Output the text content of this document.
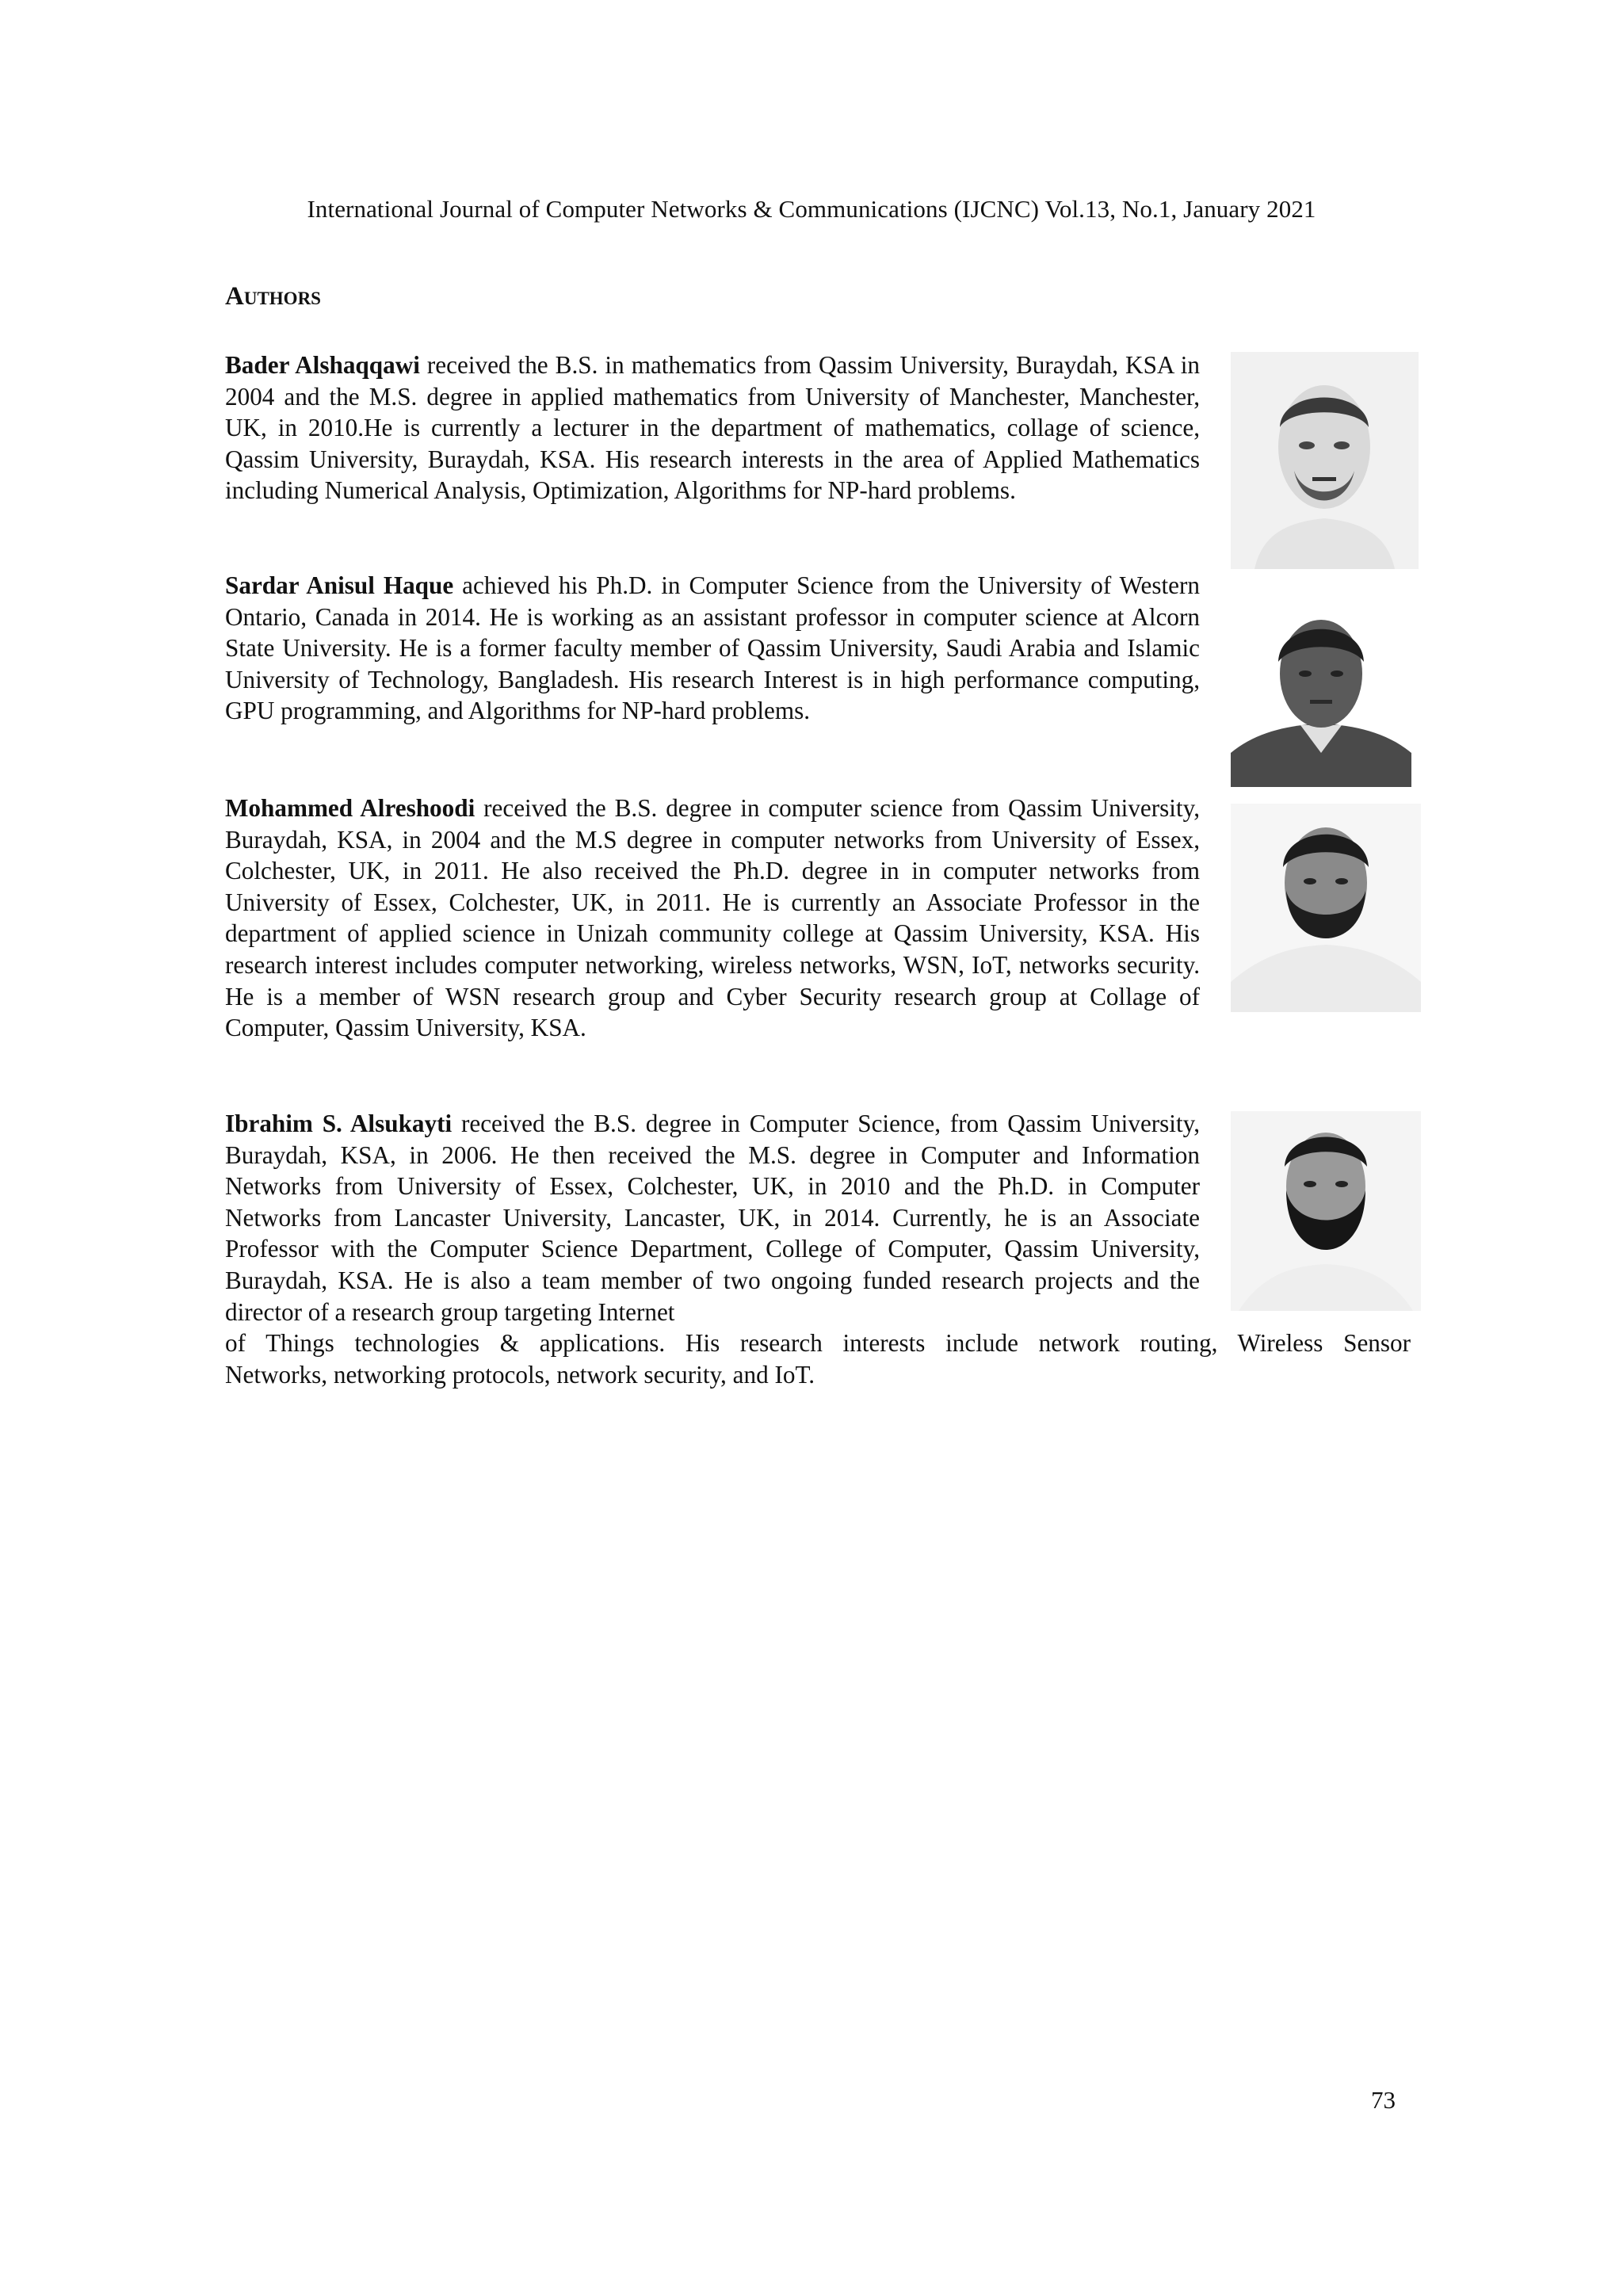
International Journal of Computer Networks & Communications (IJCNC) Vol.13, No.1, January 2021
Authors
Bader Alshaqqawi received the B.S. in mathematics from Qassim University, Buraydah, KSA in 2004 and the M.S. degree in applied mathematics from University of Manchester, Manchester, UK, in 2010.He is currently a lecturer in the department of mathematics, collage of science, Qassim University, Buraydah, KSA. His research interests in the area of Applied Mathematics including Numerical Analysis, Optimization, Algorithms for NP-hard problems.
Sardar Anisul Haque achieved his Ph.D. in Computer Science from the University of Western Ontario, Canada in 2014. He is working as an assistant professor in computer science at Alcorn State University. He is a former faculty member of Qassim University, Saudi Arabia and Islamic University of Technology, Bangladesh. His research Interest is in high performance computing, GPU programming, and Algorithms for NP-hard problems.
Mohammed Alreshoodi received the B.S. degree in computer science from Qassim University, Buraydah, KSA, in 2004 and the M.S degree in computer networks from University of Essex, Colchester, UK, in 2011. He also received the Ph.D. degree in in computer networks from University of Essex, Colchester, UK, in 2011. He is currently an Associate Professor in the department of applied science in Unizah community college at Qassim University, KSA. His research interest includes computer networking, wireless networks, WSN, IoT, networks security. He is a member of WSN research group and Cyber Security research group at Collage of Computer, Qassim University, KSA.
Ibrahim S. Alsukayti received the B.S. degree in Computer Science, from Qassim University, Buraydah, KSA, in 2006. He then received the M.S. degree in Computer and Information Networks from University of Essex, Colchester, UK, in 2010 and the Ph.D. in Computer Networks from Lancaster University, Lancaster, UK, in 2014. Currently, he is an Associate Professor with the Computer Science Department, College of Computer, Qassim University, Buraydah, KSA. He is also a team member of two ongoing funded research projects and the director of a research group targeting Internet
of Things technologies & applications. His research interests include network routing, Wireless Sensor
Networks, networking protocols, network security, and IoT.
73
